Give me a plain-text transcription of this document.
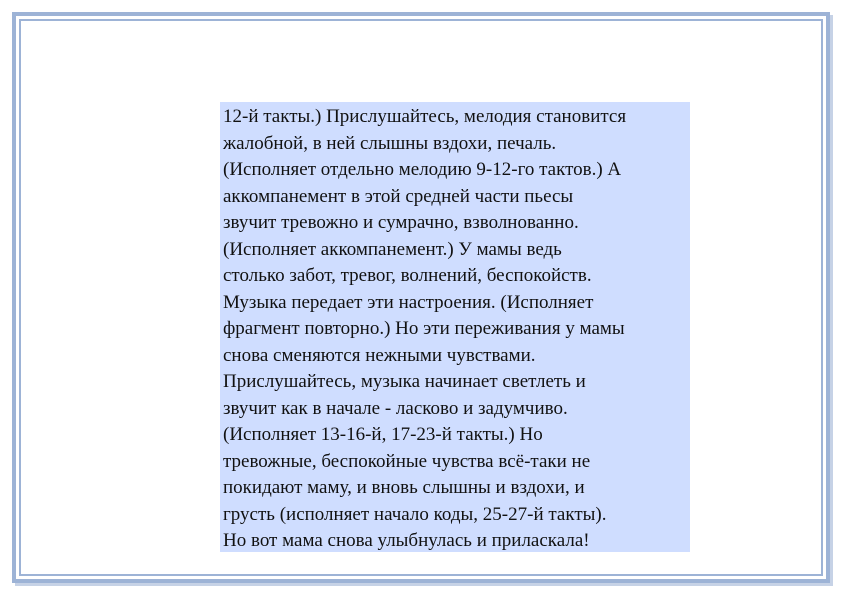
12-й такты.) Прислушайтесь, мелодия становится
жалобной, в ней слышны вздохи, печаль.
(Исполняет отдельно мелодию 9-12-го тактов.) А
аккомпанемент в этой средней части пьесы
звучит тревожно и сумрачно, взволнованно.
(Исполняет аккомпанемент.) У мамы ведь
столько забот, тревог, волнений, беспокойств.
Музыка передает эти настроения. (Исполняет
фрагмент повторно.) Но эти переживания у мамы
снова сменяются нежными чувствами.
Прислушайтесь, музыка начинает светлеть и
звучит как в начале - ласково и задумчиво.
(Исполняет 13-16-й, 17-23-й такты.) Но
тревожные, беспокойные чувства всё-таки не
покидают маму, и вновь слышны и вздохи, и
грусть (исполняет начало коды, 25-27-й такты).
Но вот мама снова улыбнулась и приласкала!
